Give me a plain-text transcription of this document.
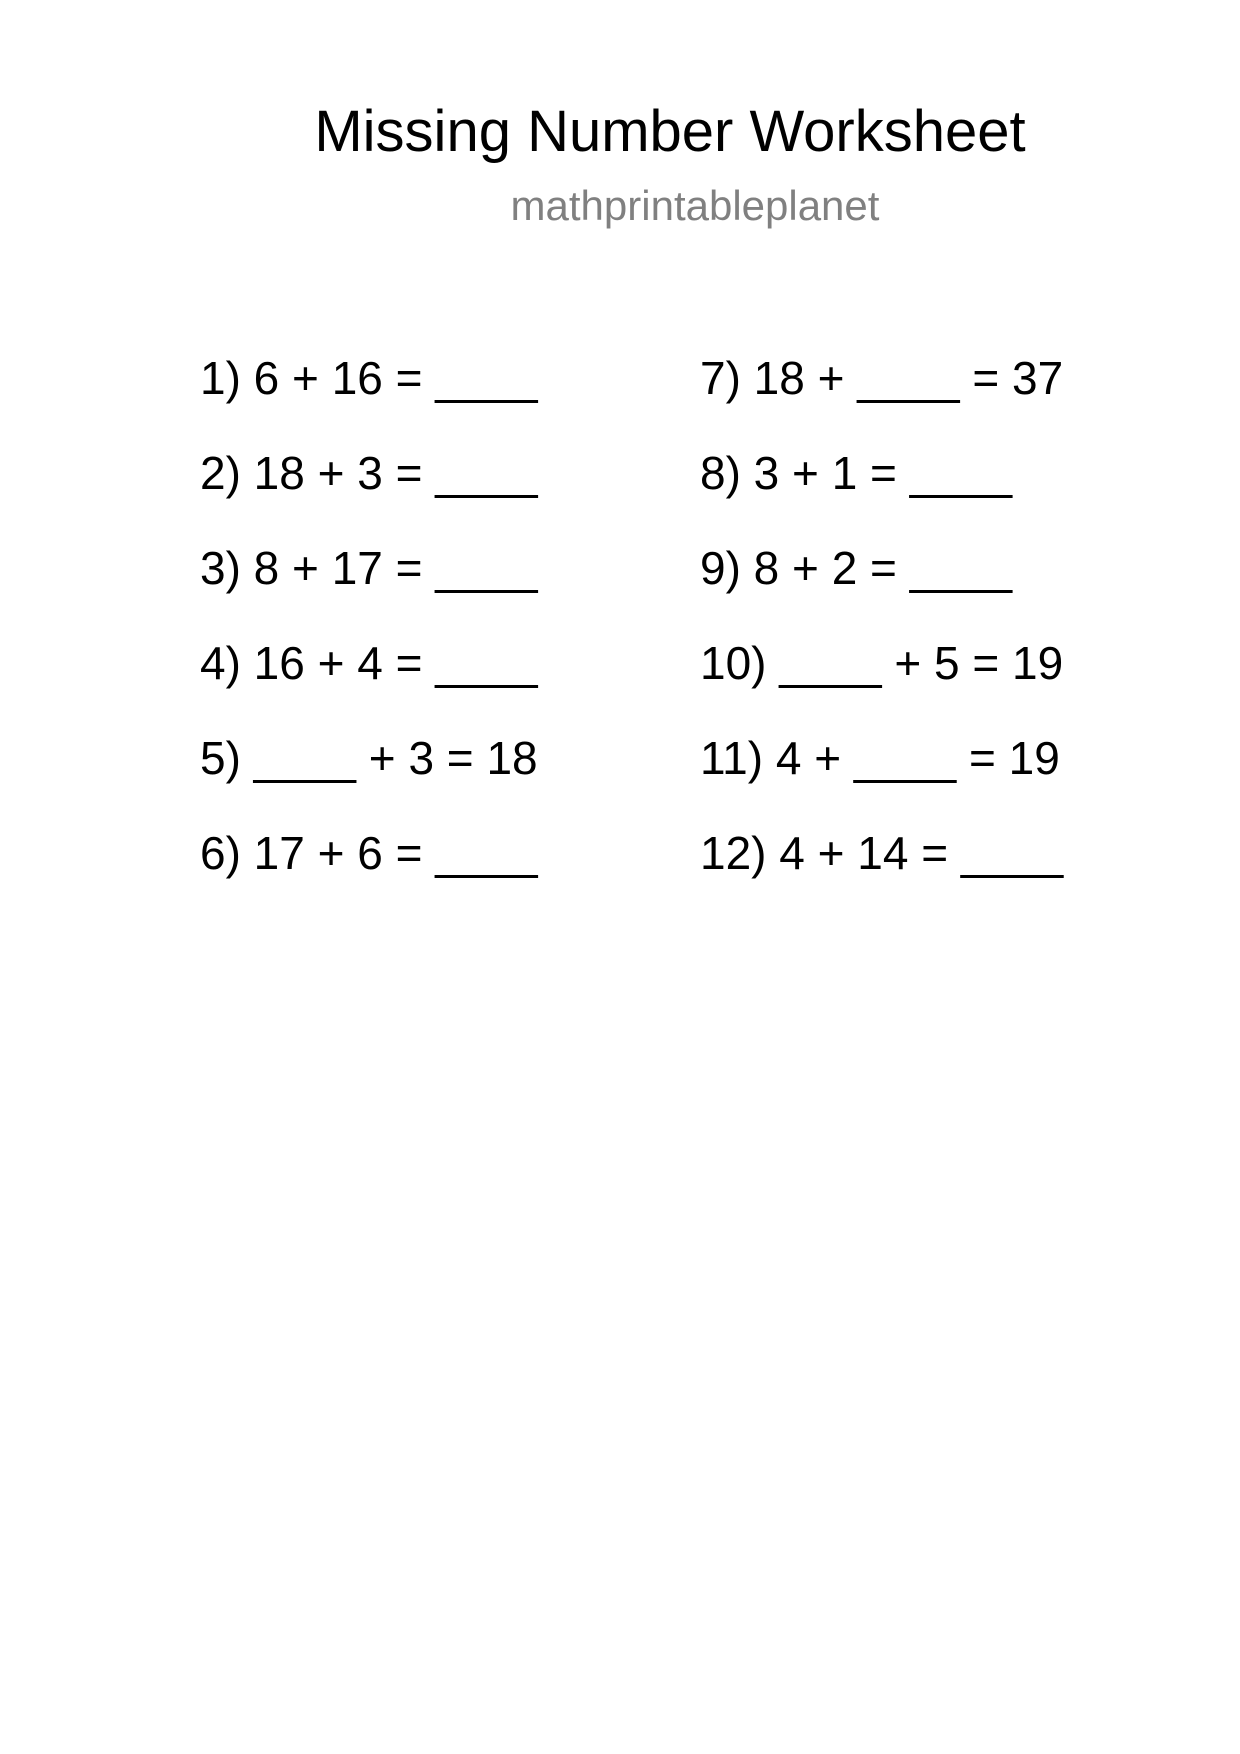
Missing Number Worksheet
mathprintableplanet
1) 6 + 16 = ____
2) 18 + 3 = ____
3) 8 + 17 = ____
4) 16 + 4 = ____
5) ____ + 3 = 18
6) 17 + 6 = ____
7) 18 + ____ = 37
8) 3 + 1 = ____
9) 8 + 2 = ____
10) ____ + 5 = 19
11) 4 + ____ = 19
12) 4 + 14 = ____
